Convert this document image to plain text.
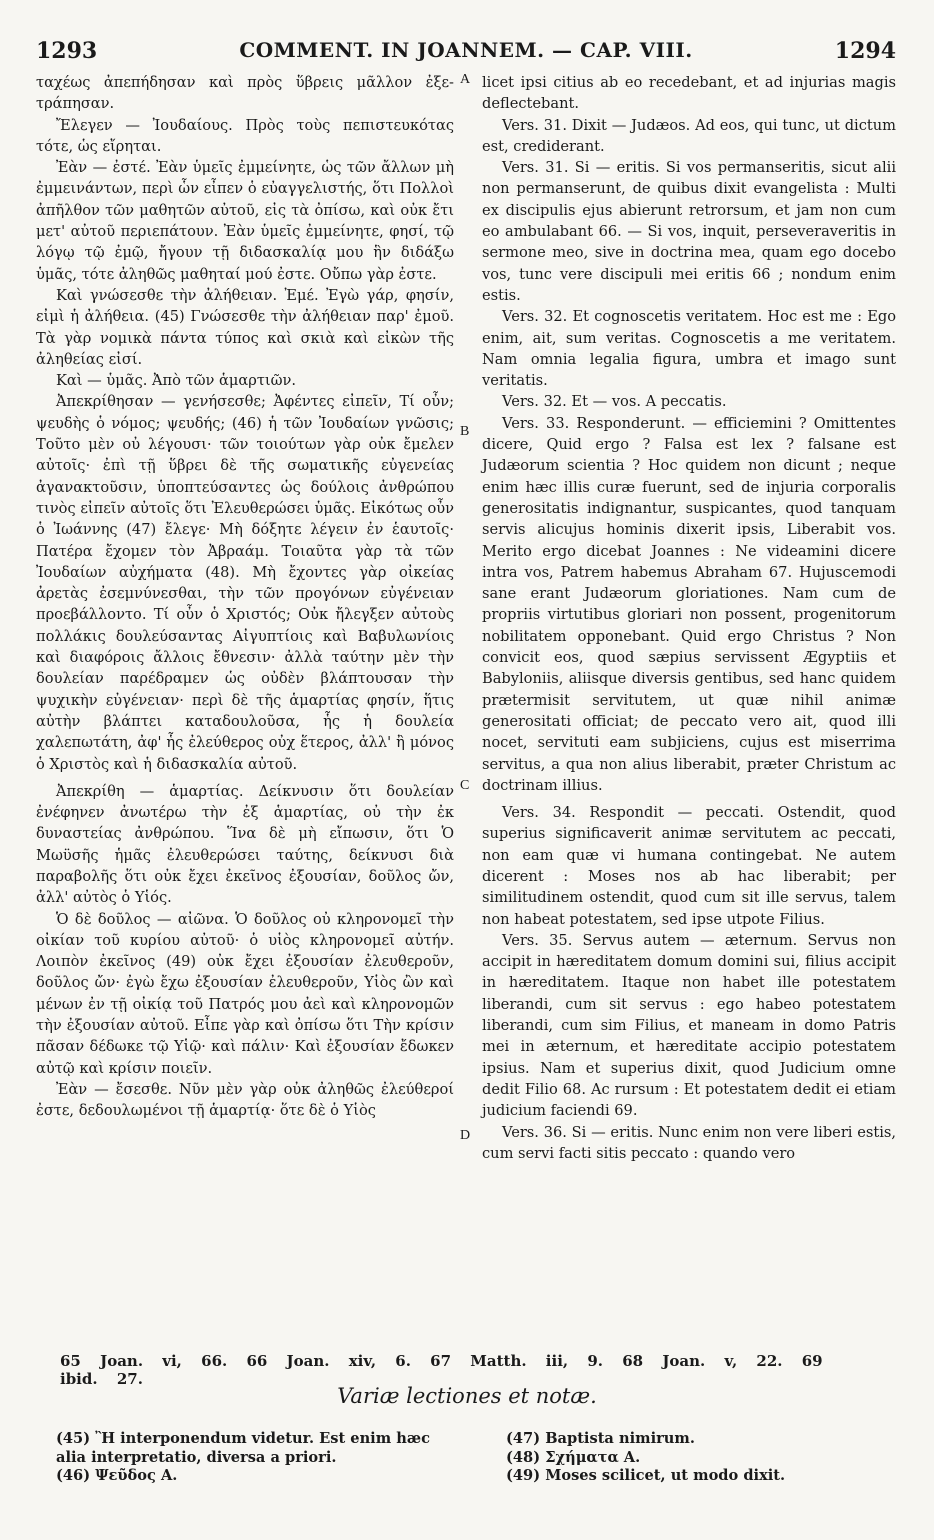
1293	COMMENT. IN JOANNEM. — CAP. VIII.	1294

ταχέως ἀπεπήδησαν καὶ πρὸς ὕβρεις μᾶλλον ἐξε- τράπησαν.

Ἔλεγεν — Ἰουδαίους. Πρὸς τοὺς πεπιστευκότας τότε, ὡς εἴρηται.

Ἐὰν — ἐστέ. Ἐὰν ὑμεῖς ἐμμείνητε, ὡς τῶν ἄλλων μὴ ἐμμεινάντων, περὶ ὧν εἶπεν ὁ εὐαγγελιστής, ὅτι Πολλοὶ ἀπῆλθον τῶν μαθητῶν αὐτοῦ, εἰς τὰ ὀπίσω, καὶ οὐκ ἔτι μετ' αὐτοῦ περιεπάτουν. Ἐὰν ὑμεῖς ἐμμείνητε, φησί, τῷ λόγῳ τῷ ἐμῷ, ἤγουν τῇ διδασκαλίᾳ μου ἣν διδάξω ὑμᾶς, τότε ἀληθῶς μαθηταί μού ἐστε. Οὔπω γὰρ ἐστε.

Καὶ γνώσεσθε τὴν ἀλήθειαν. Ἐμέ. Ἐγὼ γάρ, φησίν, εἰμὶ ἡ ἀλήθεια. (45) Γνώσεσθε τὴν ἀλήθειαν παρ' ἐμοῦ. Τὰ γὰρ νομικὰ πάντα τύπος καὶ σκιὰ καὶ εἰκὼν τῆς ἀληθείας εἰσί.

Καὶ — ὑμᾶς. Ἀπὸ τῶν ἁμαρτιῶν.

Ἀπεκρίθησαν — γενήσεσθε; Ἀφέντες εἰπεῖν, Τί οὖν; ψευδὴς ὁ νόμος; ψευδής; (46) ἡ τῶν Ἰουδαίων γνῶσις; Τοῦτο μὲν οὐ λέγουσι· τῶν τοιούτων γὰρ οὐκ ἔμελεν αὐτοῖς· ἐπὶ τῇ ὕβρει δὲ τῆς σωματικῆς εὐγενείας ἀγανακτοῦσιν, ὑποπτεύσαντες ὡς δούλοις ἀνθρώπου τινὸς εἰπεῖν αὐτοῖς ὅτι Ἐλευθερώσει ὑμᾶς. Εἰκότως οὖν ὁ Ἰωάννης (47) ἔλεγε· Μὴ δόξητε λέγειν ἐν ἑαυτοῖς· Πατέρα ἔχομεν τὸν Ἀβραάμ. Τοιαῦτα γὰρ τὰ τῶν Ἰουδαίων αὐχήματα (48). Μὴ ἔχοντες γὰρ οἰκείας ἀρετὰς ἐσεμνύνεσθαι, τὴν τῶν προγόνων εὐγένειαν προεβάλλοντο. Τί οὖν ὁ Χριστός; Οὐκ ἤλεγξεν αὐτοὺς πολλάκις δουλεύσαντας Αἰγυπτίοις καὶ Βαβυλωνίοις καὶ διαφόροις ἄλλοις ἔθνεσιν· ἀλλὰ ταύτην μὲν τὴν δουλείαν παρέδραμεν ὡς οὐδὲν βλάπτουσαν τὴν ψυχικὴν εὐγένειαν· περὶ δὲ τῆς ἁμαρτίας φησίν, ἥτις αὐτὴν βλάπτει καταδουλοῦσα, ἧς ἡ δουλεία χαλεπωτάτη, ἀφ' ἧς ἐλεύθερος οὐχ ἕτερος, ἀλλ' ἢ μόνος ὁ Χριστὸς καὶ ἡ διδασκαλία αὐτοῦ.

Ἀπεκρίθη — ἁμαρτίας. Δείκνυσιν ὅτι δουλείαν ἐνέφηνεν ἀνωτέρω τὴν ἐξ ἁμαρτίας, οὐ τὴν ἐκ δυναστείας ἀνθρώπου. Ἵνα δὲ μὴ εἴπωσιν, ὅτι Ὁ Μωϋσῆς ἡμᾶς ἐλευθερώσει ταύτης, δείκνυσι διὰ παραβολῆς ὅτι οὐκ ἔχει ἐκεῖνος ἐξουσίαν, δοῦλος ὤν, ἀλλ' αὐτὸς ὁ Υἱός.

Ὁ δὲ δοῦλος — αἰῶνα. Ὁ δοῦλος οὐ κληρονομεῖ τὴν οἰκίαν τοῦ κυρίου αὐτοῦ· ὁ υἱὸς κληρονομεῖ αὐτήν. Λοιπὸν ἐκεῖνος (49) οὐκ ἔχει ἐξουσίαν ἐλευθεροῦν, δοῦλος ὤν· ἐγὼ ἔχω ἐξουσίαν ἐλευθεροῦν, Υἱὸς ὢν καὶ μένων ἐν τῇ οἰκίᾳ τοῦ Πατρός μου ἀεὶ καὶ κληρονομῶν τὴν ἐξουσίαν αὐτοῦ. Εἶπε γὰρ καὶ ὀπίσω ὅτι Τὴν κρίσιν πᾶσαν δέδωκε τῷ Υἱῷ· καὶ πάλιν· Καὶ ἐξουσίαν ἔδωκεν αὐτῷ καὶ κρίσιν ποιεῖν.

Ἐὰν — ἔσεσθε. Νῦν μὲν γὰρ οὐκ ἀληθῶς ἐλεύθεροί ἐστε, δεδουλωμένοι τῇ ἁμαρτίᾳ· ὅτε δὲ ὁ Υἱὸς

A
B
C
D

licet ipsi citius ab eo recedebant, et ad injurias magis deflectebant.

Vers. 31. Dixit — Judæos. Ad eos, qui tunc, ut dictum est, crediderant.

Vers. 31. Si — eritis. Si vos permanseritis, sicut alii non permanserunt, de quibus dixit evangelista : Multi ex discipulis ejus abierunt retrorsum, et jam non cum eo ambulabant 66. — Si vos, inquit, perseveraveritis in sermone meo, sive in doctrina mea, quam ego docebo vos, tunc vere discipuli mei eritis 66 ; nondum enim estis.

Vers. 32. Et cognoscetis veritatem. Hoc est me : Ego enim, ait, sum veritas. Cognoscetis a me veritatem. Nam omnia legalia figura, umbra et imago sunt veritatis.

Vers. 32. Et — vos. A peccatis.

Vers. 33. Responderunt. — efficiemini ? Omittentes dicere, Quid ergo ? Falsa est lex ? falsane est Judæorum scientia ? Hoc quidem non dicunt ; neque enim hæc illis curæ fuerunt, sed de injuria corporalis generositatis indignantur, suspicantes, quod tanquam servis alicujus hominis dixerit ipsis, Liberabit vos. Merito ergo dicebat Joannes : Ne videamini dicere intra vos, Patrem habemus Abraham 67. Hujuscemodi sane erant Judæorum gloriationes. Nam cum de propriis virtutibus gloriari non possent, progenitorum nobilitatem opponebant. Quid ergo Christus ? Non convicit eos, quod sæpius servissent Ægyptiis et Babyloniis, aliisque diversis gentibus, sed hanc quidem prætermisit servitutem, ut quæ nihil animæ generositati officiat; de peccato vero ait, quod illi nocet, servituti eam subjiciens, cujus est miserrima servitus, a qua non alius liberabit, præter Christum ac doctrinam illius.

Vers. 34. Respondit — peccati. Ostendit, quod superius significaverit animæ servitutem ac peccati, non eam quæ vi humana contingebat. Ne autem dicerent : Moses nos ab hac liberabit; per similitudinem ostendit, quod cum sit ille servus, talem non habeat potestatem, sed ipse utpote Filius.

Vers. 35. Servus autem — æternum. Servus non accipit in hæreditatem domum domini sui, filius accipit in hæreditatem. Itaque non habet ille potestatem liberandi, cum sit servus : ego habeo potestatem liberandi, cum sim Filius, et maneam in domo Patris mei in æternum, et hæreditate accipio potestatem ipsius. Nam et superius dixit, quod Judicium omne dedit Filio 68. Ac rursum : Et potestatem dedit ei etiam judicium faciendi 69.

Vers. 36. Si — eritis. Nunc enim non vere liberi estis, cum servi facti sitis peccato : quando vero

65 Joan. vi, 66. 66 Joan. xiv, 6. 67 Matth. iii, 9. 68 Joan. v, 22. 69 ibid. 27.
Variæ lectiones et notæ.
(45) Ἢ interponendum videtur. Est enim hæc alia interpretatio, diversa a priori.
(46) Ψεῦδος A.
(47) Baptista nimirum.
(48) Σχήματα A.
(49) Moses scilicet, ut modo dixit.
